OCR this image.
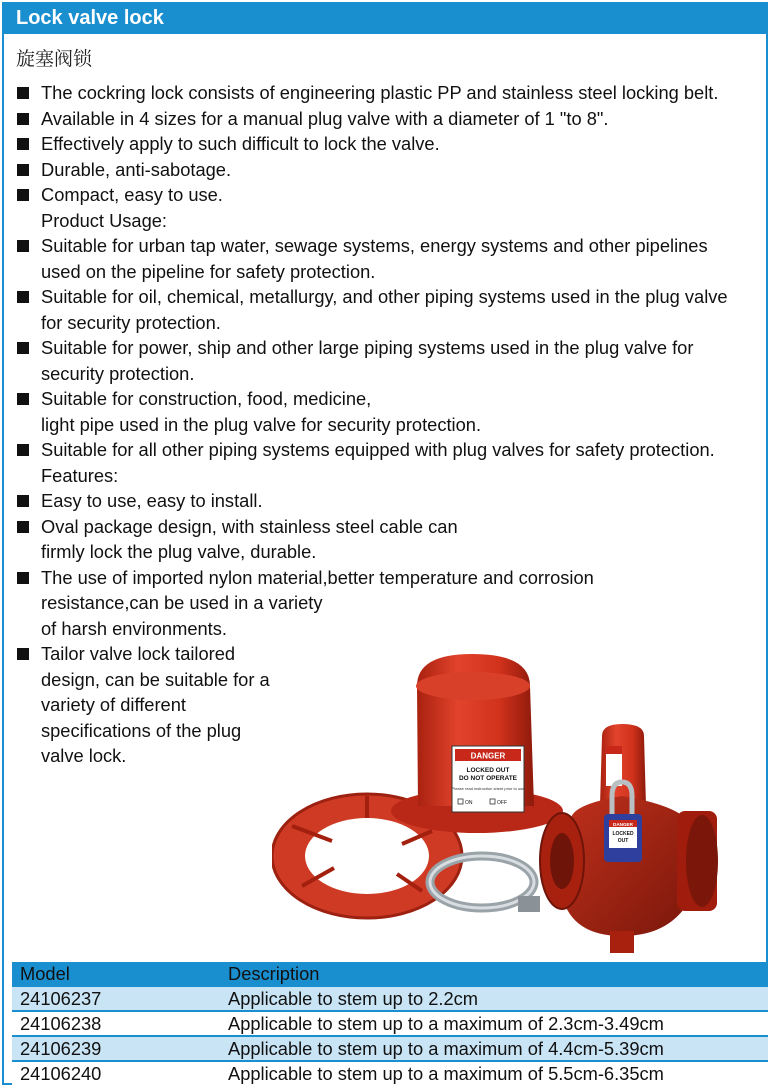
Lock valve lock
旋塞阀锁
The cockring lock consists of engineering plastic PP and stainless steel locking belt.
Available in 4 sizes for a manual plug valve with a diameter of 1 "to 8".
Effectively apply to such difficult to lock the valve.
Durable, anti-sabotage.
Compact, easy to use.
Product Usage:
Suitable for urban tap water, sewage systems, energy systems and other pipelines used on the pipeline for safety protection.
Suitable for oil, chemical, metallurgy, and other piping systems used in the plug valve for security protection.
Suitable for power, ship and other large piping systems used in the plug valve for security protection.
Suitable for construction, food, medicine,
light pipe used in the plug valve for security protection.
Suitable for all other piping systems equipped with plug valves for safety protection.
Features:
Easy to use, easy to install.
Oval package design, with stainless steel cable can
firmly lock the plug valve, durable.
The use of imported nylon material,better temperature and corrosion
resistance,can be used in a variety
of harsh environments.
Tailor valve lock tailored design, can be suitable for a variety of different specifications of the plug valve lock.	DANGER
LOCKED OUT
DO NOT OPERATE
Please read instruction sheet prior to use
ON	OFF
DANGER
LOCKED
OUT
Model	Description
24106237	Applicable to stem up to 2.2cm
24106238	Applicable to stem up to a maximum of 2.3cm-3.49cm
24106239	Applicable to stem up to a maximum of 4.4cm-5.39cm
24106240	Applicable to stem up to a maximum of 5.5cm-6.35cm
